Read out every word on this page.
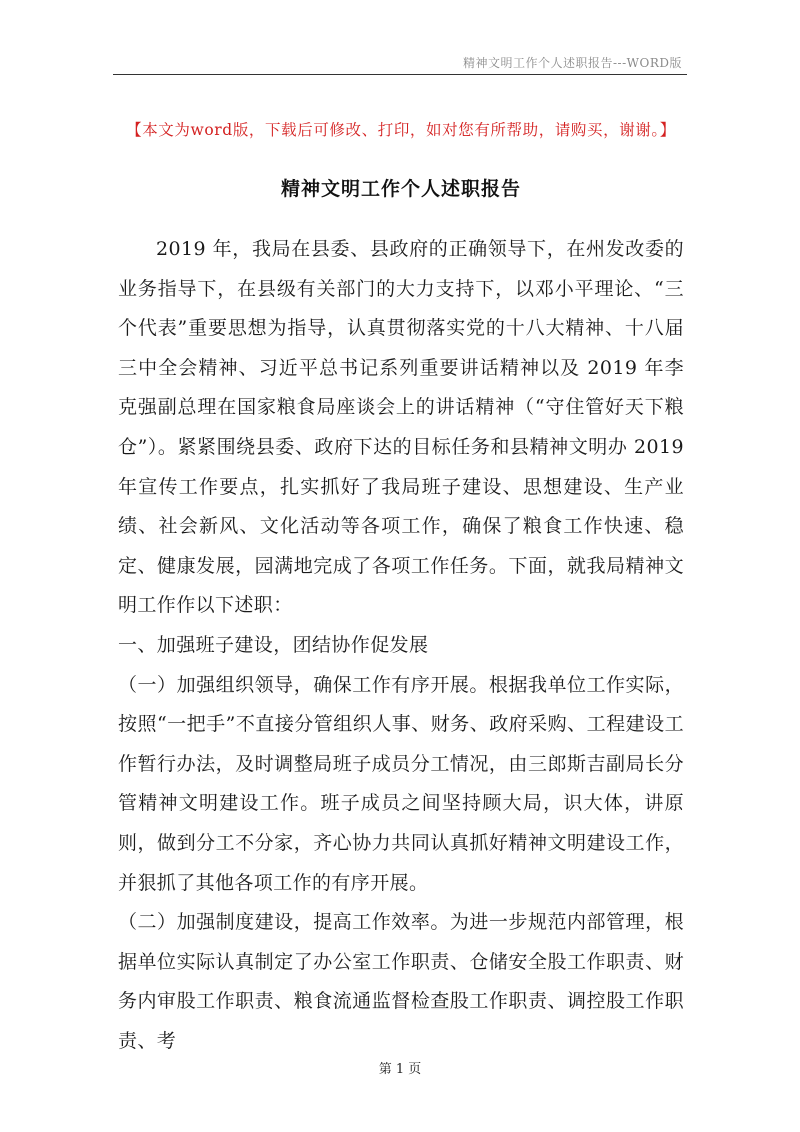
精神文明工作个人述职报告---WORD版
【本文为word版，下载后可修改、打印，如对您有所帮助，请购买，谢谢。】
精神文明工作个人述职报告

2019 年，我局在县委、县政府的正确领导下，在州发改委的业务指导下，在县级有关部门的大力支持下，以邓小平理论、“三个代表”重要思想为指导，认真贯彻落实党的十八大精神、十八届三中全会精神、习近平总书记系列重要讲话精神以及 2019 年李克强副总理在国家粮食局座谈会上的讲话精神（“守住管好天下粮仓”）。紧紧围绕县委、政府下达的目标任务和县精神文明办 2019 年宣传工作要点，扎实抓好了我局班子建设、思想建设、生产业绩、社会新风、文化活动等各项工作，确保了粮食工作快速、稳定、健康发展，园满地完成了各项工作任务。下面，就我局精神文明工作作以下述职：

一、加强班子建设，团结协作促发展

（一）加强组织领导，确保工作有序开展。根据我单位工作实际，按照“一把手”不直接分管组织人事、财务、政府采购、工程建设工作暂行办法，及时调整局班子成员分工情况，由三郎斯吉副局长分管精神文明建设工作。班子成员之间坚持顾大局，识大体，讲原则，做到分工不分家，齐心协力共同认真抓好精神文明建设工作，并狠抓了其他各项工作的有序开展。

（二）加强制度建设，提高工作效率。为进一步规范内部管理，根据单位实际认真制定了办公室工作职责、仓储安全股工作职责、财务内审股工作职责、粮食流通监督检查股工作职责、调控股工作职责、考

第 1 页
